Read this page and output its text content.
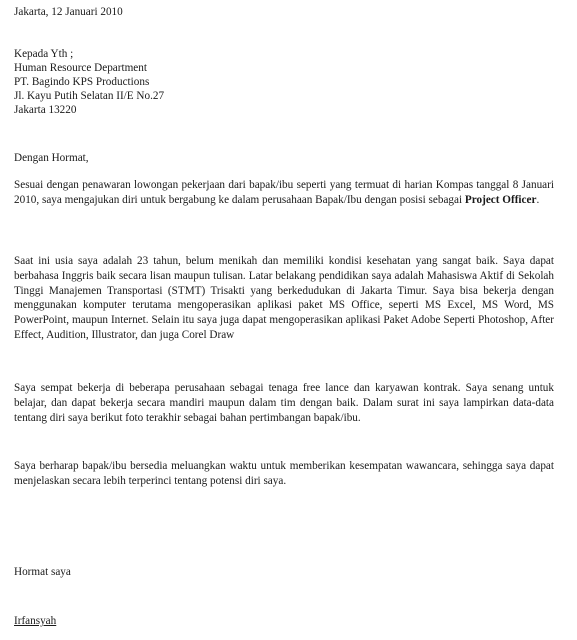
Jakarta, 12 Januari 2010
Kepada Yth ;
Human Resource Department
PT. Bagindo KPS Productions
Jl. Kayu Putih Selatan II/E No.27
Jakarta 13220
Dengan Hormat,
Sesuai dengan penawaran lowongan pekerjaan dari bapak/ibu seperti yang termuat di harian Kompas tanggal 8 Januari 2010, saya mengajukan diri untuk bergabung ke dalam perusahaan Bapak/Ibu dengan posisi sebagai Project Officer.
Saat ini usia saya adalah 23 tahun, belum menikah dan memiliki kondisi kesehatan yang sangat baik. Saya dapat berbahasa Inggris baik secara lisan maupun tulisan. Latar belakang pendidikan saya adalah Mahasiswa Aktif di Sekolah Tinggi Manajemen Transportasi (STMT) Trisakti yang berkedudukan di Jakarta Timur. Saya bisa bekerja dengan menggunakan komputer terutama mengoperasikan aplikasi paket MS Office, seperti MS Excel, MS Word, MS PowerPoint, maupun Internet. Selain itu saya juga dapat mengoperasikan aplikasi Paket Adobe Seperti Photoshop, After Effect, Audition, Illustrator, dan juga Corel Draw
Saya sempat bekerja di beberapa perusahaan sebagai tenaga free lance dan karyawan kontrak. Saya senang untuk belajar, dan dapat bekerja secara mandiri maupun dalam tim dengan baik. Dalam surat ini saya lampirkan data-data tentang diri saya berikut foto terakhir sebagai bahan pertimbangan bapak/ibu.
Saya berharap bapak/ibu bersedia meluangkan waktu untuk memberikan kesempatan wawancara, sehingga saya dapat menjelaskan secara lebih terperinci tentang potensi diri saya.
Hormat saya
Irfansyah
